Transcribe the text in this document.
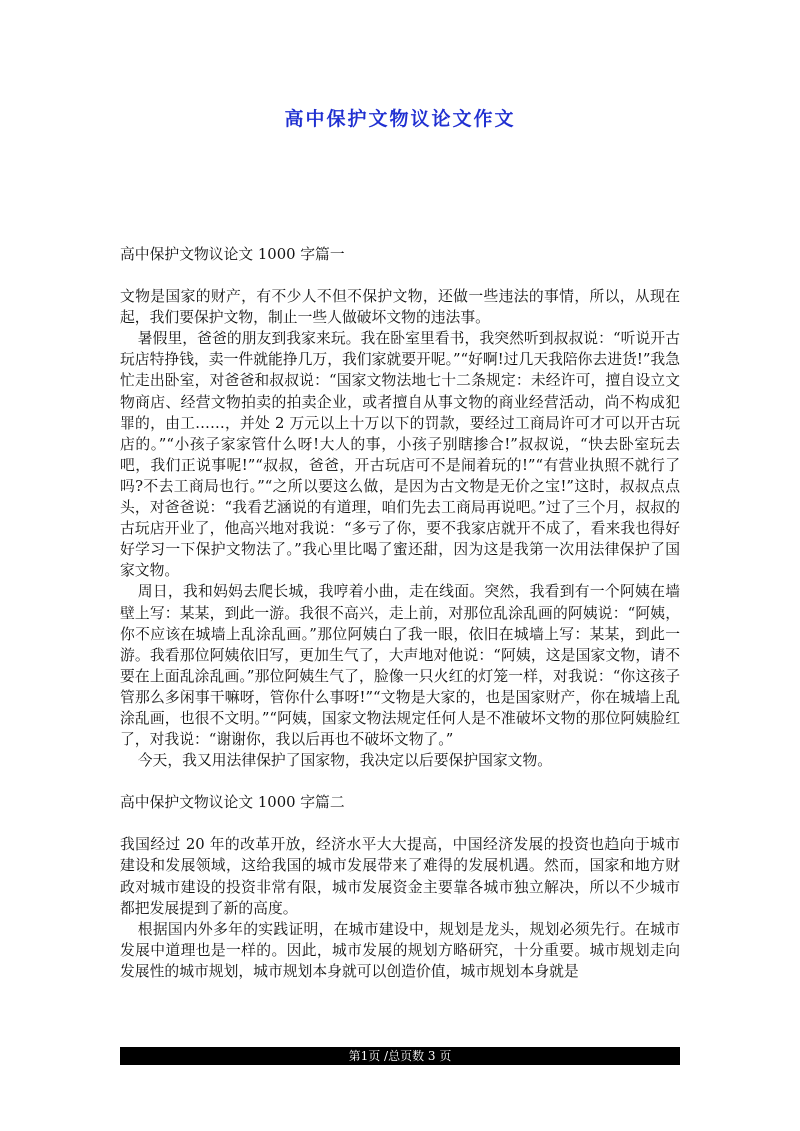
高中保护文物议论文作文

高中保护文物议论文 1000 字篇一

文物是国家的财产，有不少人不但不保护文物，还做一些违法的事情，所以，从现在起，我们要保护文物，制止一些人做破坏文物的违法事。

暑假里，爸爸的朋友到我家来玩。我在卧室里看书，我突然听到叔叔说：“听说开古玩店特挣钱，卖一件就能挣几万，我们家就要开呢。”“好啊!过几天我陪你去进货!”我急忙走出卧室，对爸爸和叔叔说：“国家文物法地七十二条规定：未经许可，擅自设立文物商店、经营文物拍卖的拍卖企业，或者擅自从事文物的商业经营活动，尚不构成犯罪的，由工……，并处 2 万元以上十万以下的罚款，要经过工商局许可才可以开古玩店的。”“小孩子家家管什么呀!大人的事，小孩子别瞎掺合!”叔叔说，“快去卧室玩去吧，我们正说事呢!”“叔叔，爸爸，开古玩店可不是闹着玩的!”“有营业执照不就行了吗?不去工商局也行。”“之所以要这么做，是因为古文物是无价之宝!”这时，叔叔点点头，对爸爸说：“我看艺涵说的有道理，咱们先去工商局再说吧。”过了三个月，叔叔的古玩店开业了，他高兴地对我说：“多亏了你，要不我家店就开不成了，看来我也得好好学习一下保护文物法了。”我心里比喝了蜜还甜，因为这是我第一次用法律保护了国家文物。

周日，我和妈妈去爬长城，我哼着小曲，走在线面。突然，我看到有一个阿姨在墙壁上写：某某，到此一游。我很不高兴，走上前，对那位乱涂乱画的阿姨说：“阿姨，你不应该在城墙上乱涂乱画。”那位阿姨白了我一眼，依旧在城墙上写：某某，到此一游。我看那位阿姨依旧写，更加生气了，大声地对他说：“阿姨，这是国家文物，请不要在上面乱涂乱画。”那位阿姨生气了，脸像一只火红的灯笼一样，对我说：“你这孩子管那么多闲事干嘛呀，管你什么事呀!”“文物是大家的，也是国家财产，你在城墙上乱涂乱画，也很不文明。”“阿姨，国家文物法规定任何人是不准破坏文物的那位阿姨脸红了，对我说：“谢谢你，我以后再也不破坏文物了。”

今天，我又用法律保护了国家物，我决定以后要保护国家文物。

高中保护文物议论文 1000 字篇二

我国经过 20 年的改革开放，经济水平大大提高，中国经济发展的投资也趋向于城市建设和发展领域，这给我国的城市发展带来了难得的发展机遇。然而，国家和地方财政对城市建设的投资非常有限，城市发展资金主要靠各城市独立解决，所以不少城市都把发展提到了新的高度。

根据国内外多年的实践证明，在城市建设中，规划是龙头，规划必须先行。在城市发展中道理也是一样的。因此，城市发展的规划方略研究，十分重要。城市规划走向发展性的城市规划，城市规划本身就可以创造价值，城市规划本身就是

第1页 /总页数 3 页
